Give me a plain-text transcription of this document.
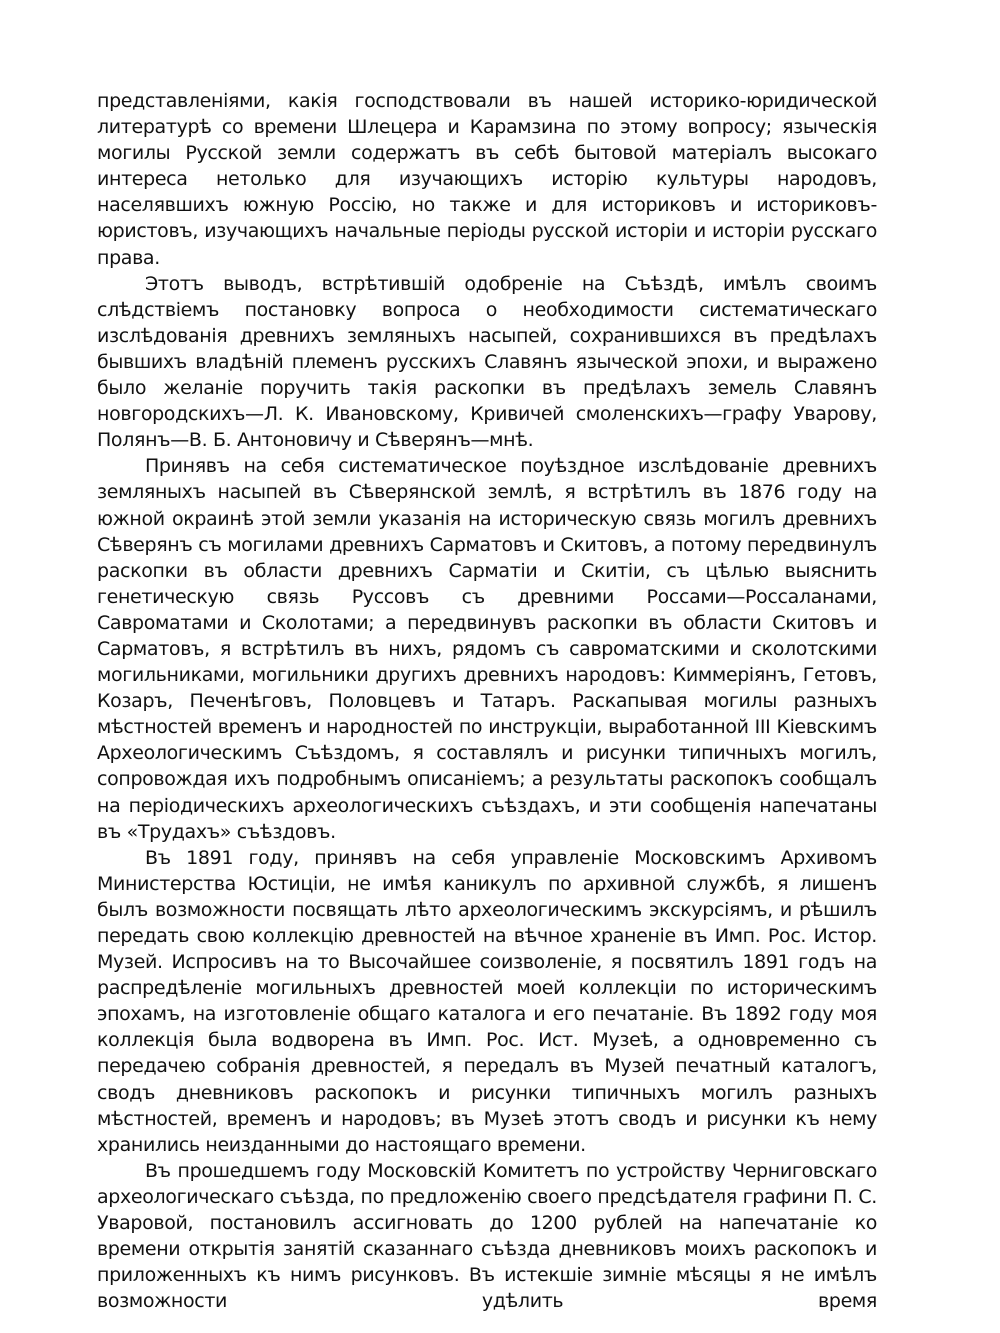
представленіями, какія господствовали въ нашей историко-юридической литературѣ со времени Шлецера и Карамзина по этому вопросу; языческія могилы Русской земли содержатъ въ себѣ бытовой матеріалъ высокаго интереса нетолько для изучающихъ исторію культуры народовъ, населявшихъ южную Россію, но также и для историковъ и историковъ-юристовъ, изучающихъ начальные періоды русской исторіи и исторіи русскаго права.

Этотъ выводъ, встрѣтившій одобреніе на Съѣздѣ, имѣлъ своимъ слѣдствіемъ постановку вопроса о необходимости систематическаго изслѣдованія древнихъ земляныхъ насыпей, сохранившихся въ предѣлахъ бывшихъ владѣній племенъ русскихъ Славянъ языческой эпохи, и выражено было желаніе поручить такія раскопки въ предѣлахъ земель Славянъ новгородскихъ—Л. К. Ивановскому, Кривичей смоленскихъ—графу Уварову, Полянъ—В. Б. Антоновичу и Сѣверянъ—мнѣ.

Принявъ на себя систематическое поуѣздное изслѣдованіе древнихъ земляныхъ насыпей въ Сѣверянской землѣ, я встрѣтилъ въ 1876 году на южной окраинѣ этой земли указанія на историческую связь могилъ древнихъ Сѣверянъ съ могилами древнихъ Сарматовъ и Скитовъ, а потому передвинулъ раскопки въ области древнихъ Сарматіи и Скитіи, съ цѣлью выяснить генетическую связь Руссовъ съ древними Россами—Россаланами, Савроматами и Сколотами; а передвинувъ раскопки въ области Скитовъ и Сарматовъ, я встрѣтилъ въ нихъ, рядомъ съ савроматскими и сколотскими могильниками, могильники другихъ древнихъ народовъ: Киммеріянъ, Гетовъ, Козаръ, Печенѣговъ, Половцевъ и Татаръ. Раскапывая могилы разныхъ мѣстностей временъ и народностей по инструкціи, выработанной III Кіевскимъ Археологическимъ Съѣздомъ, я составлялъ и рисунки типичныхъ могилъ, сопровождая ихъ подробнымъ описаніемъ; а результаты раскопокъ сообщалъ на періодическихъ археологическихъ съѣздахъ, и эти сообщенія напечатаны въ «Трудахъ» съѣздовъ.

Въ 1891 году, принявъ на себя управленіе Московскимъ Архивомъ Министерства Юстиціи, не имѣя каникулъ по архивной службѣ, я лишенъ былъ возможности посвящать лѣто археологическимъ экскурсіямъ, и рѣшилъ передать свою коллекцію древностей на вѣчное храненіе въ Имп. Рос. Истор. Музей. Испросивъ на то Высочайшее соизволеніе, я посвятилъ 1891 годъ на распредѣленіе могильныхъ древностей моей коллекціи по историческимъ эпохамъ, на изготовленіе общаго каталога и его печатаніе. Въ 1892 году моя коллекція была водворена въ Имп. Рос. Ист. Музеѣ, а одновременно съ передачею собранія древностей, я передалъ въ Музей печатный каталогъ, сводъ дневниковъ раскопокъ и рисунки типичныхъ могилъ разныхъ мѣстностей, временъ и народовъ; въ Музеѣ этотъ сводъ и рисунки къ нему хранились неизданными до настоящаго времени.

Въ прошедшемъ году Московскій Комитетъ по устройству Черниговскаго археологическаго съѣзда, по предложенію своего предсѣдателя графини П. С. Уваровой, постановилъ ассигновать до 1200 рублей на напечатаніе ко времени открытія занятій сказаннаго съѣзда дневниковъ моихъ раскопокъ и приложенныхъ къ нимъ рисунковъ. Въ истекшіе зимніе мѣсяцы я не имѣлъ возможности удѣлить время
